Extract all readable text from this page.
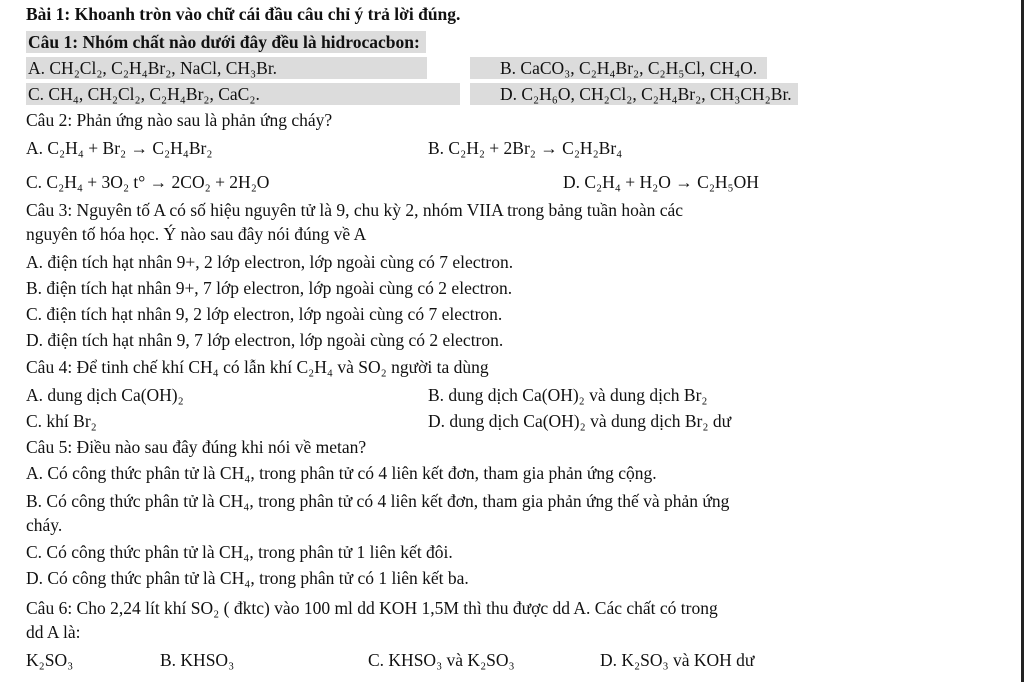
Bài 1: Khoanh tròn vào chữ cái đầu câu chỉ ý trả lời đúng.
Câu 1: Nhóm chất nào dưới đây đều là hidrocacbon:
A. CH₂Cl₂, C₂H₄Br₂, NaCl, CH₃Br.	B. CaCO₃, C₂H₄Br₂, C₂H₅Cl, CH₄O.
C. CH₄, CH₂Cl₂, C₂H₄Br₂, CaC₂.	D. C₂H₆O, CH₂Cl₂, C₂H₄Br₂, CH₃CH₂Br.
Câu 2: Phản ứng nào sau là phản ứng cháy?
A. C₂H₄ + Br₂ → C₂H₄Br₂	B. C₂H₂ + 2Br₂ → C₂H₂Br₄
C. C₂H₄ + 3O₂ t° → 2CO₂ + 2H₂O	D. C₂H₄ + H₂O → C₂H₅OH
Câu 3: Nguyên tố A có số hiệu nguyên tử là 9, chu kỳ 2, nhóm VIIA trong bảng tuần hoàn các
nguyên tố hóa học. Ý nào sau đây nói đúng về A
A. điện tích hạt nhân 9+, 2 lớp electron, lớp ngoài cùng có 7 electron.
B. điện tích hạt nhân 9+, 7 lớp electron, lớp ngoài cùng có 2 electron.
C. điện tích hạt nhân 9, 2 lớp electron, lớp ngoài cùng có 7 electron.
D. điện tích hạt nhân 9, 7 lớp electron, lớp ngoài cùng có 2 electron.
Câu 4: Để tinh chế khí CH₄ có lẫn khí C₂H₄ và SO₂ người ta dùng
A. dung dịch Ca(OH)₂	B. dung dịch Ca(OH)₂ và dung dịch Br₂
C. khí Br₂	D. dung dịch Ca(OH)₂ và dung dịch Br₂ dư
Câu 5: Điều nào sau đây đúng khi nói về metan?
A. Có công thức phân tử là CH₄, trong phân tử có 4 liên kết đơn, tham gia phản ứng cộng.
B. Có công thức phân tử là CH₄, trong phân tử có 4 liên kết đơn, tham gia phản ứng thế và phản ứng
cháy.
C. Có công thức phân tử là CH₄, trong phân tử 1 liên kết đôi.
D. Có công thức phân tử là CH₄, trong phân tử có 1 liên kết ba.
Câu 6: Cho 2,24 lít khí SO₂ ( đktc) vào 100 ml dd KOH 1,5M thì thu được dd A. Các chất có trong
dd A là:
K₂SO₃	B. KHSO₃	C. KHSO₃ và K₂SO₃	D. K₂SO₃ và KOH dư
